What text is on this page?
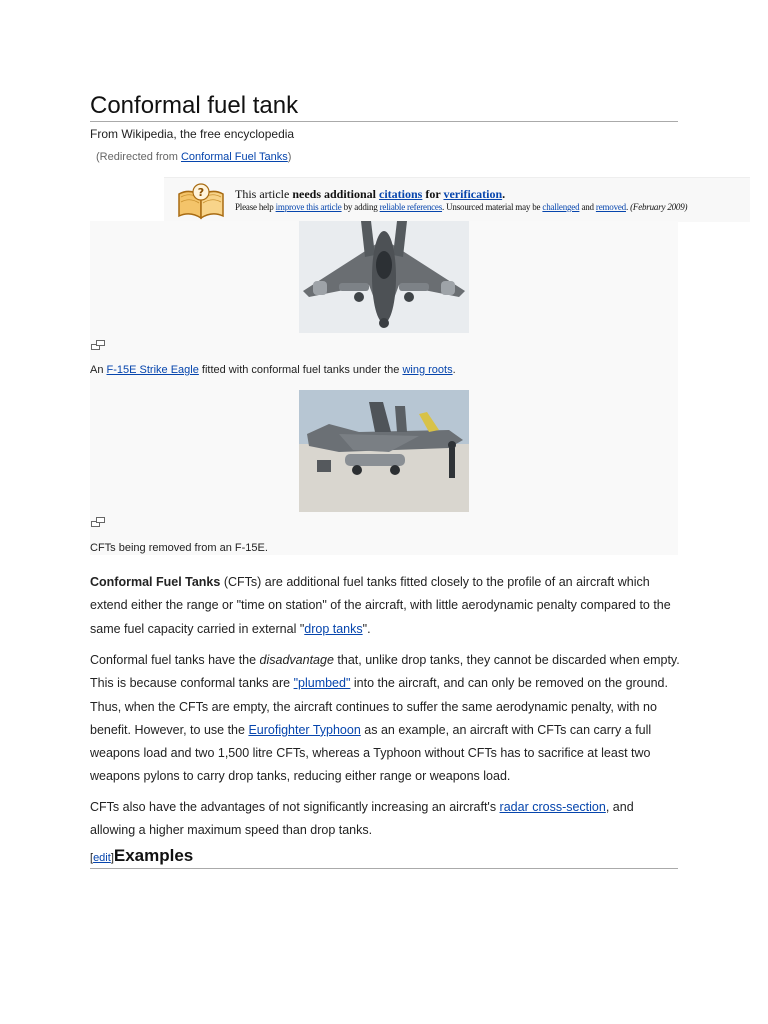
Conformal fuel tank
From Wikipedia, the free encyclopedia
(Redirected from Conformal Fuel Tanks)
?	This article needs additional citations for verification.
Please help improve this article by adding reliable references. Unsourced material may be challenged and removed. (February 2009)
An F-15E Strike Eagle fitted with conformal fuel tanks under the wing roots.
CFTs being removed from an F-15E.

Conformal Fuel Tanks (CFTs) are additional fuel tanks fitted closely to the profile of an aircraft which extend either the range or "time on station" of the aircraft, with little aerodynamic penalty compared to the same fuel capacity carried in external "drop tanks".

Conformal fuel tanks have the disadvantage that, unlike drop tanks, they cannot be discarded when empty. This is because conformal tanks are "plumbed" into the aircraft, and can only be removed on the ground. Thus, when the CFTs are empty, the aircraft continues to suffer the same aerodynamic penalty, with no benefit. However, to use the Eurofighter Typhoon as an example, an aircraft with CFTs can carry a full weapons load and two 1,500 litre CFTs, whereas a Typhoon without CFTs has to sacrifice at least two weapons pylons to carry drop tanks, reducing either range or weapons load.

CFTs also have the advantages of not significantly increasing an aircraft's radar cross-section, and allowing a higher maximum speed than drop tanks.

[edit]Examples
